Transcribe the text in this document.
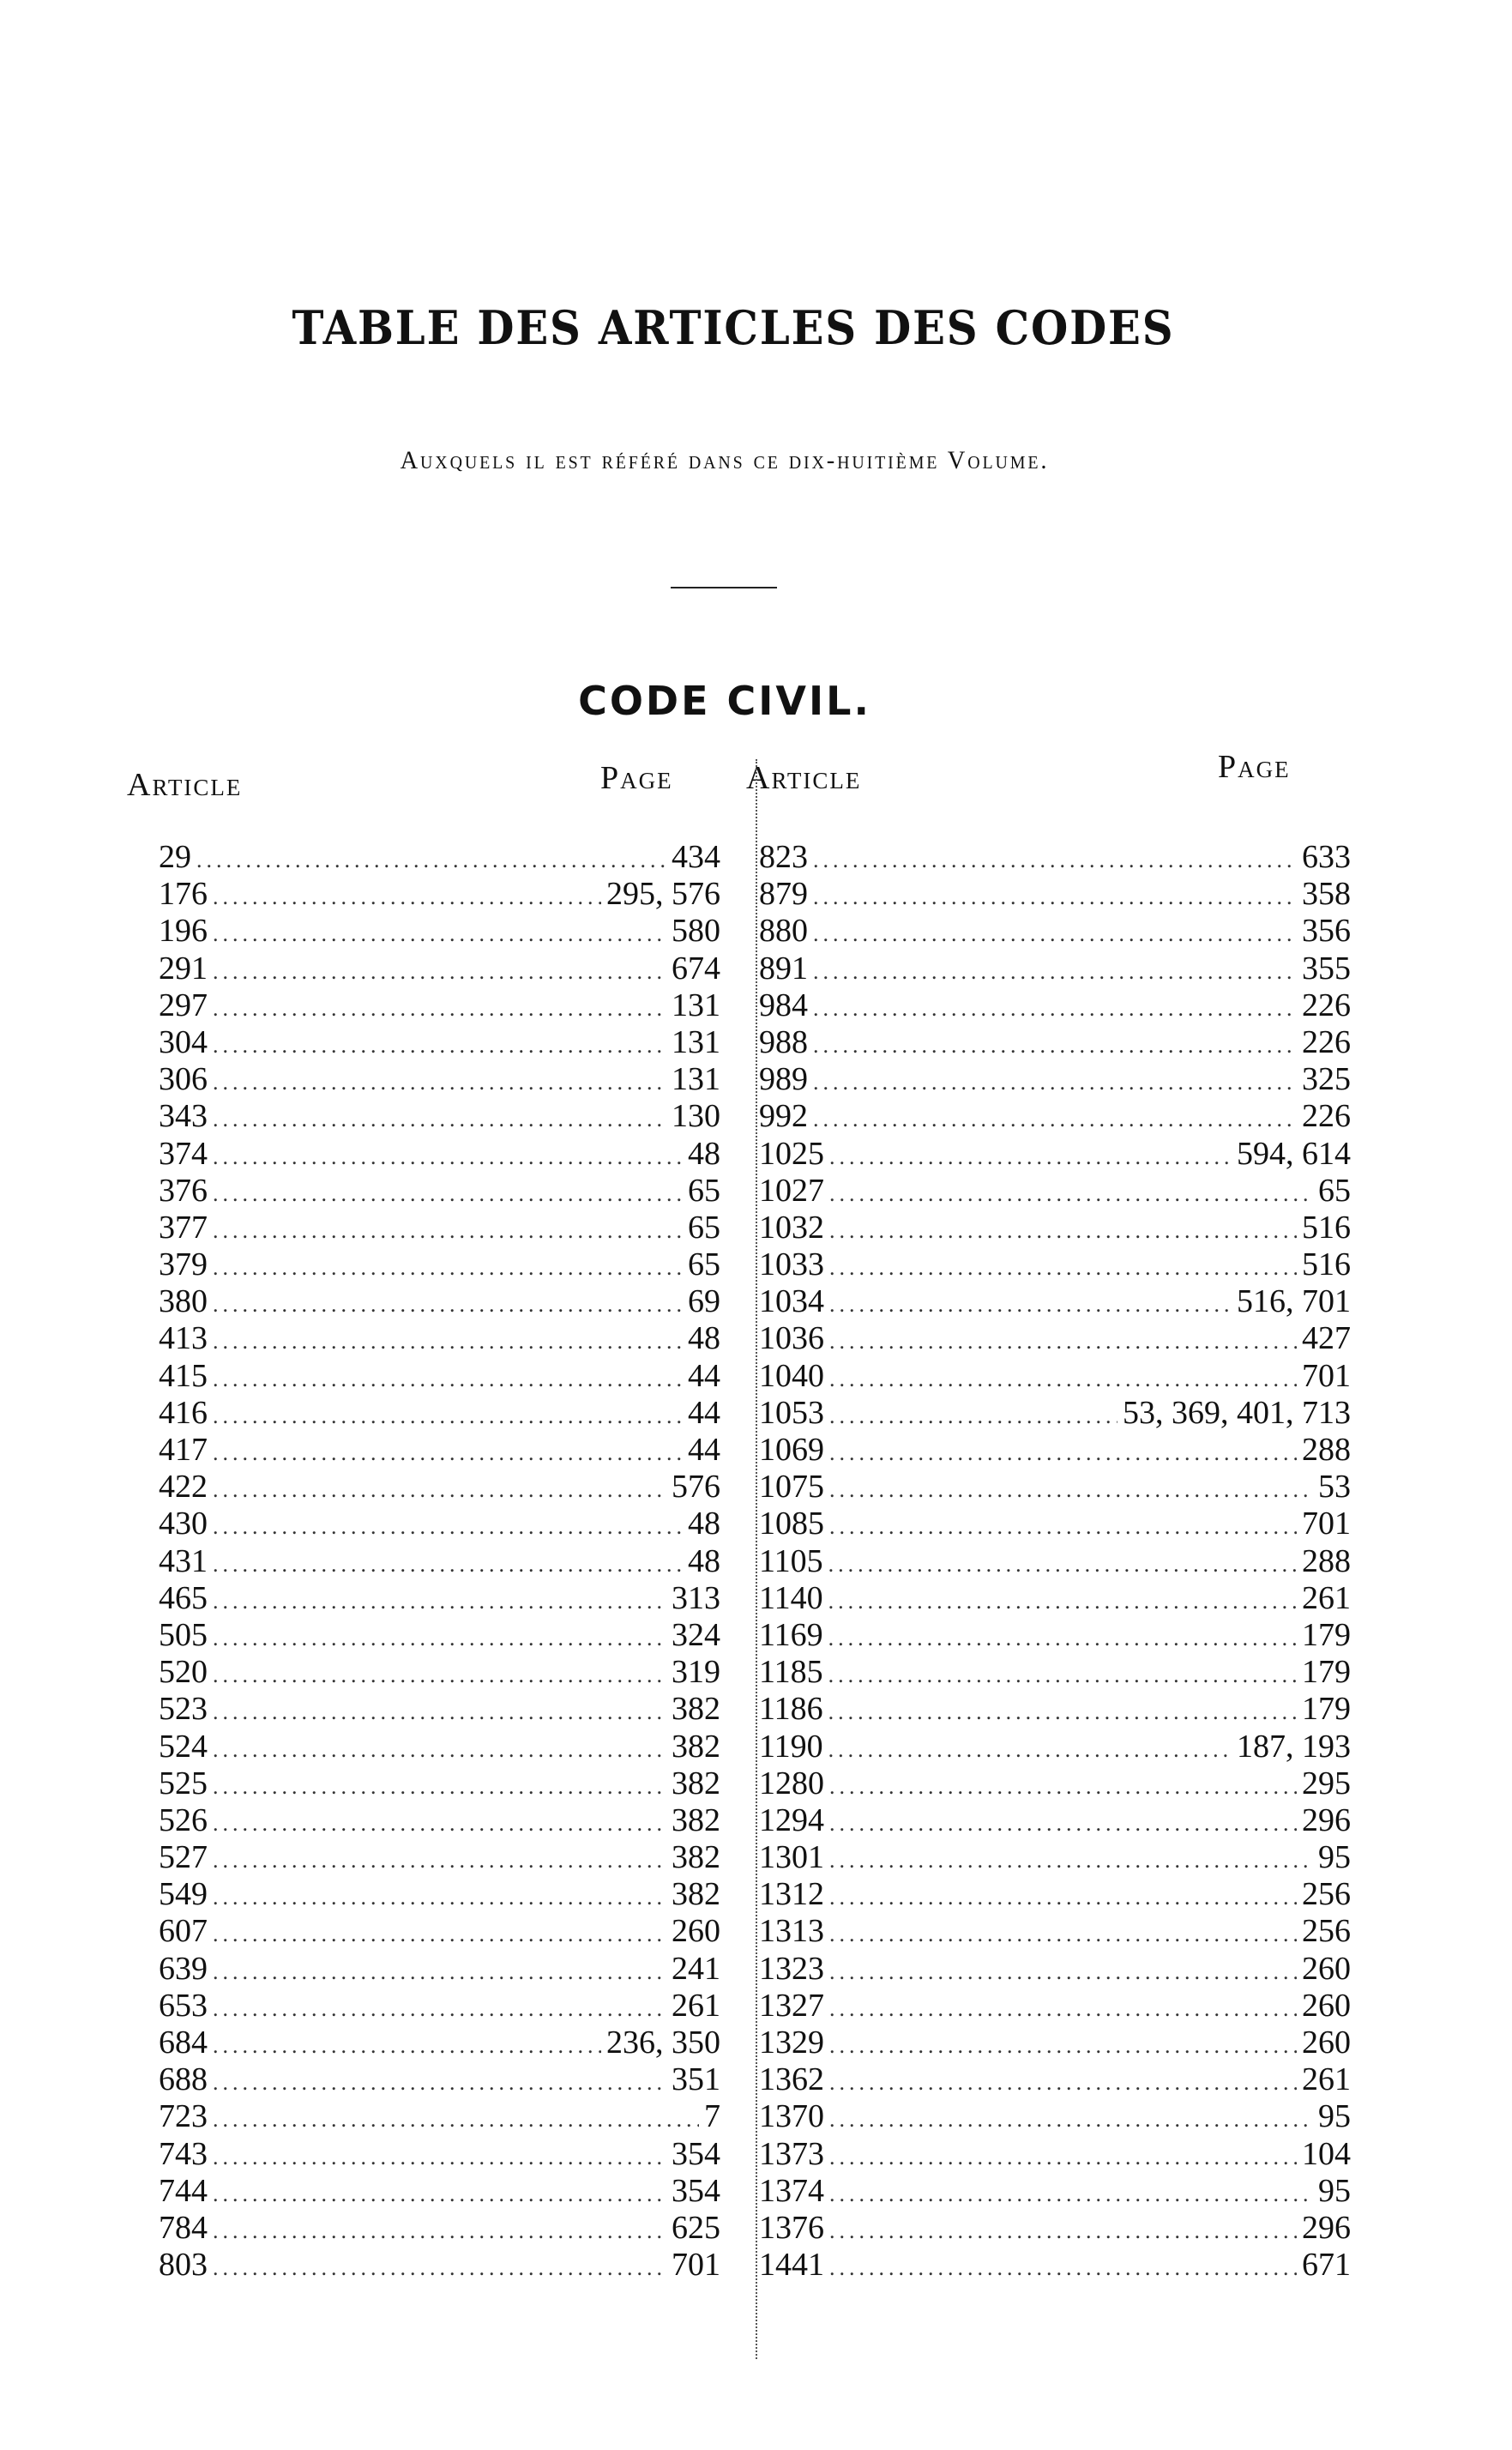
TABLE DES ARTICLES DES CODES
Auxquels il est référé dans ce dix-huitième Volume.
CODE CIVIL.
Article	Page Article	Page
29 .....	434
176 .....	295, 576
196 .....	580
291 .....	674
297 .....	131
304 .....	131
306 .....	131
343 .....	130
374 .....	48
376 .....	65
377 .....	65
379 .....	65
380 .....	69
413 .....	48
415 .....	44
416 .....	44
417 .....	44
422 .....	576
430 .....	48
431 .....	48
465 .....	313
505 .....	324
520 .....	319
523 .....	382
524 .....	382
525 .....	382
526 .....	382
527 .....	382
549 .....	382
607 .....	260
639 .....	241
653 .....	261
684 .....	236, 350
688 .....	351
723 .....	7
743 .....	354
744 .....	354
784 .....	625
803 .....	701
823 .....	633
879 .....	358
880 .....	356
891 .....	355
984 .....	226
988 .....	226
989 .....	325
992 .....	226
1025 .....	594, 614
1027 .....	65
1032 .....	516
1033 .....	516
1034 .....	516, 701
1036 .....	427
1040 .....	701
1053 .....	53, 369, 401, 713
1069 .....	288
1075 .....	53
1085 .....	701
1105 .....	288
1140 .....	261
1169 .....	179
1185 .....	179
1186 .....	179
1190 .....	187, 193
1280 .....	295
1294 .....	296
1301 .....	95
1312 .....	256
1313 .....	256
1323 .....	260
1327 .....	260
1329 .....	260
1362 .....	261
1370 .....	95
1373 .....	104
1374 .....	95
1376 .....	296
1441 .....	671
